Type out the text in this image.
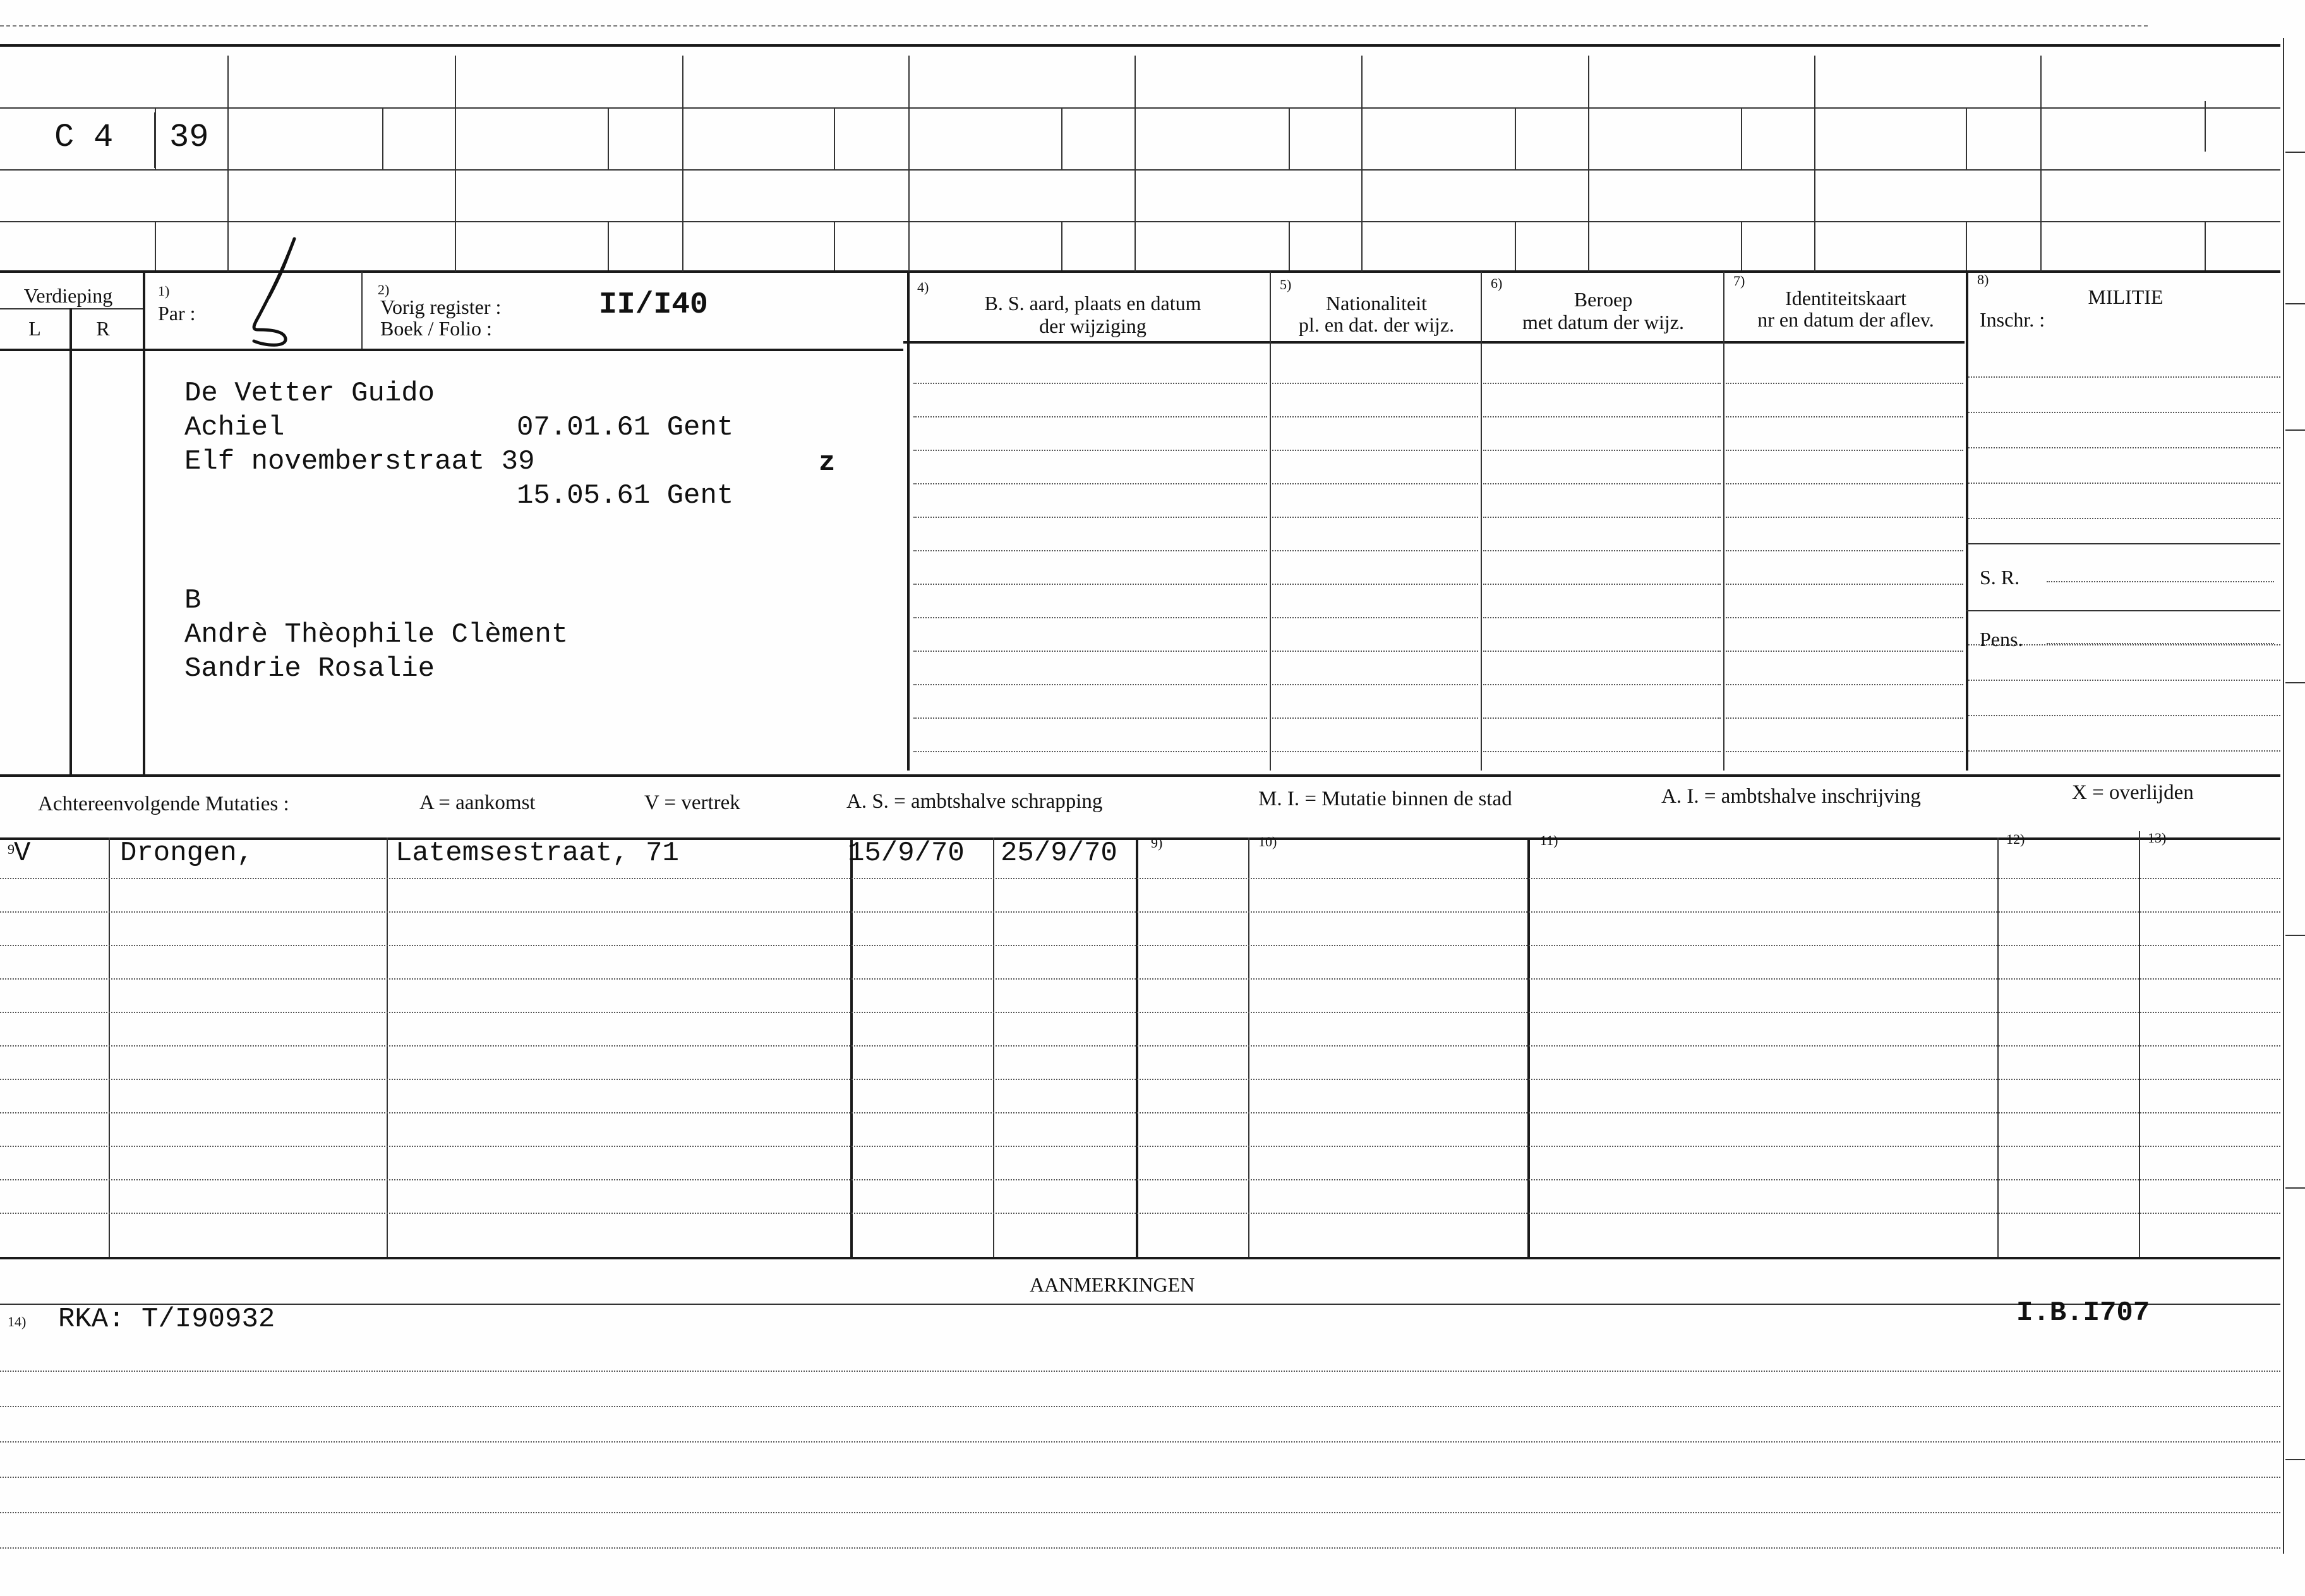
C 4 39
Verdieping
L	R
1)
Par :
2)
Vorig register :
Boek / Folio :
II/I40
4)
B. S. aard, plaats en datum
der wijziging
5)
Nationaliteit
pl. en dat. der wijz.
6)
Beroep
met datum der wijz.
7)
Identiteitskaart
nr en datum der aflev.
8)
MILITIE
Inschr. :
S. R.
Pens.
De Vetter Guido
Achiel	07.01.61 Gent
Elf novemberstraat 39	z
15.05.61 Gent
B
Andrè Thèophile Clèment
Sandrie Rosalie
Achtereenvolgende Mutaties :	A = aankomst	V = vertrek	A. S. = ambtshalve schrapping	M. I. = Mutatie binnen de stad	A. I. = ambtshalve inschrijving	X = overlijden
9 V	Drongen,	Latemsestraat, 71	15/9/70 25/9/70 9)	10)	11)	12)	13)
AANMERKINGEN
14) RKA: T/I90932	I.B.I707
